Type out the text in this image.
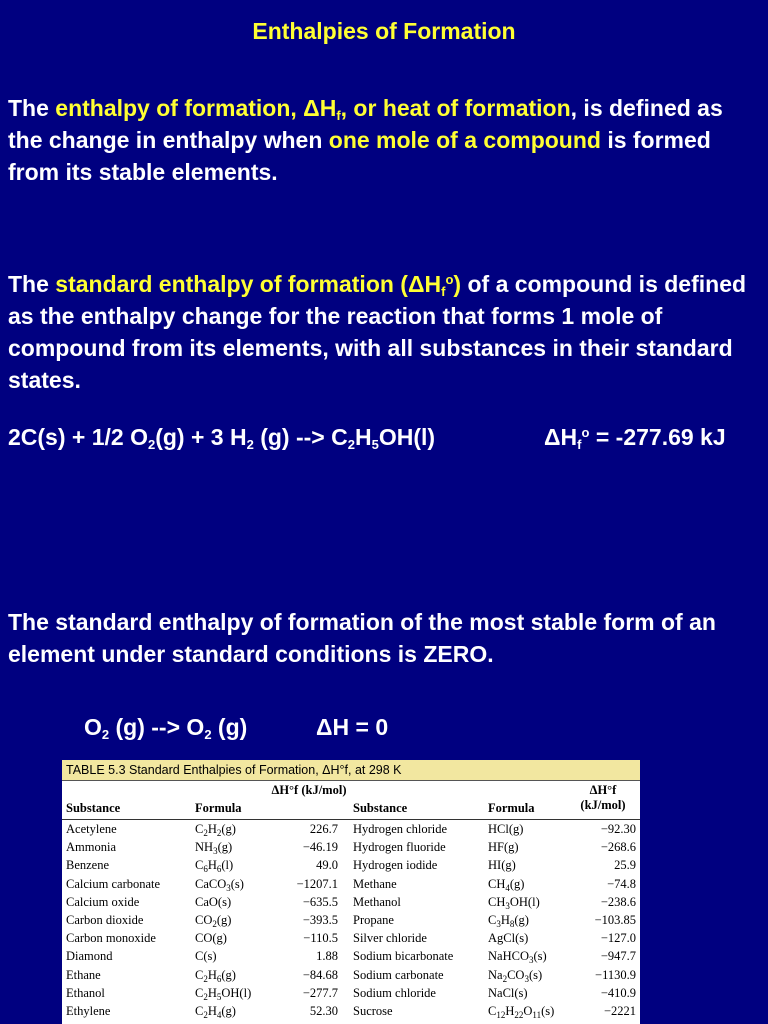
Enthalpies of Formation
The enthalpy of formation, $\Delta H_f$, or heat of formation, is defined as the change in enthalpy when one mole of a compound is formed from its stable elements.
The standard enthalpy of formation $(\Delta H_f^o)$ of a compound is defined as the enthalpy change for the reaction that forms 1 mole of compound from its elements, with all substances in their standard states.
2C(s) + 1/2 $O_2(g) + 3$ $H_2$ (g) --> $C_2H_5OH(l)$	$\Delta H_f^o = -277.69$ kJ
The standard enthalpy of formation of the most stable form of an element under standard conditions is ZERO.
$O_2$ (g) --> $O_2$ (g)	ΔH = 0
TABLE 5.3 Standard Enthalpies of Formation, ΔH°f, at 298 K
Substance	Formula
ΔH°f (kJ/mol)
Substance	Formula
ΔH°f (kJ/mol)
Acetylene	$C_2H_2(g)$	226.7 Hydrogen chloride	HCl(g)	−92.30
Ammonia	$NH_3(g)$	−46.19 Hydrogen fluoride	HF(g)	−268.6
Benzene	$C_6H_6(l)$	49.0 Hydrogen iodide	HI(g)	25.9
Calcium carbonate	CaCO$_3$(s)	−1207.1 Methane	$CH_4(g)$	−74.8
Calcium oxide	CaO(s)	−635.5 Methanol	$CH_3OH(l)$	−238.6
Carbon dioxide	$CO_2(g)$	−393.5 Propane	$C_3H_8(g)$	−103.85
Carbon monoxide	CO(g)	−110.5 Silver chloride	AgCl(s)	−127.0
Diamond	C(s)	1.88 Sodium bicarbonate	NaHCO$_3$(s)	−947.7
Ethane	$C_2H_6(g)$	−84.68 Sodium carbonate	$Na_2CO_3(s)$	−1130.9
Ethanol	$C_2H_5OH(l)$	−277.7 Sodium chloride	NaCl(s)	−410.9
Ethylene	$C_2H_4(g)$	52.30 Sucrose	$C_{12}H_{22}O_{11}(s)$	−2221
